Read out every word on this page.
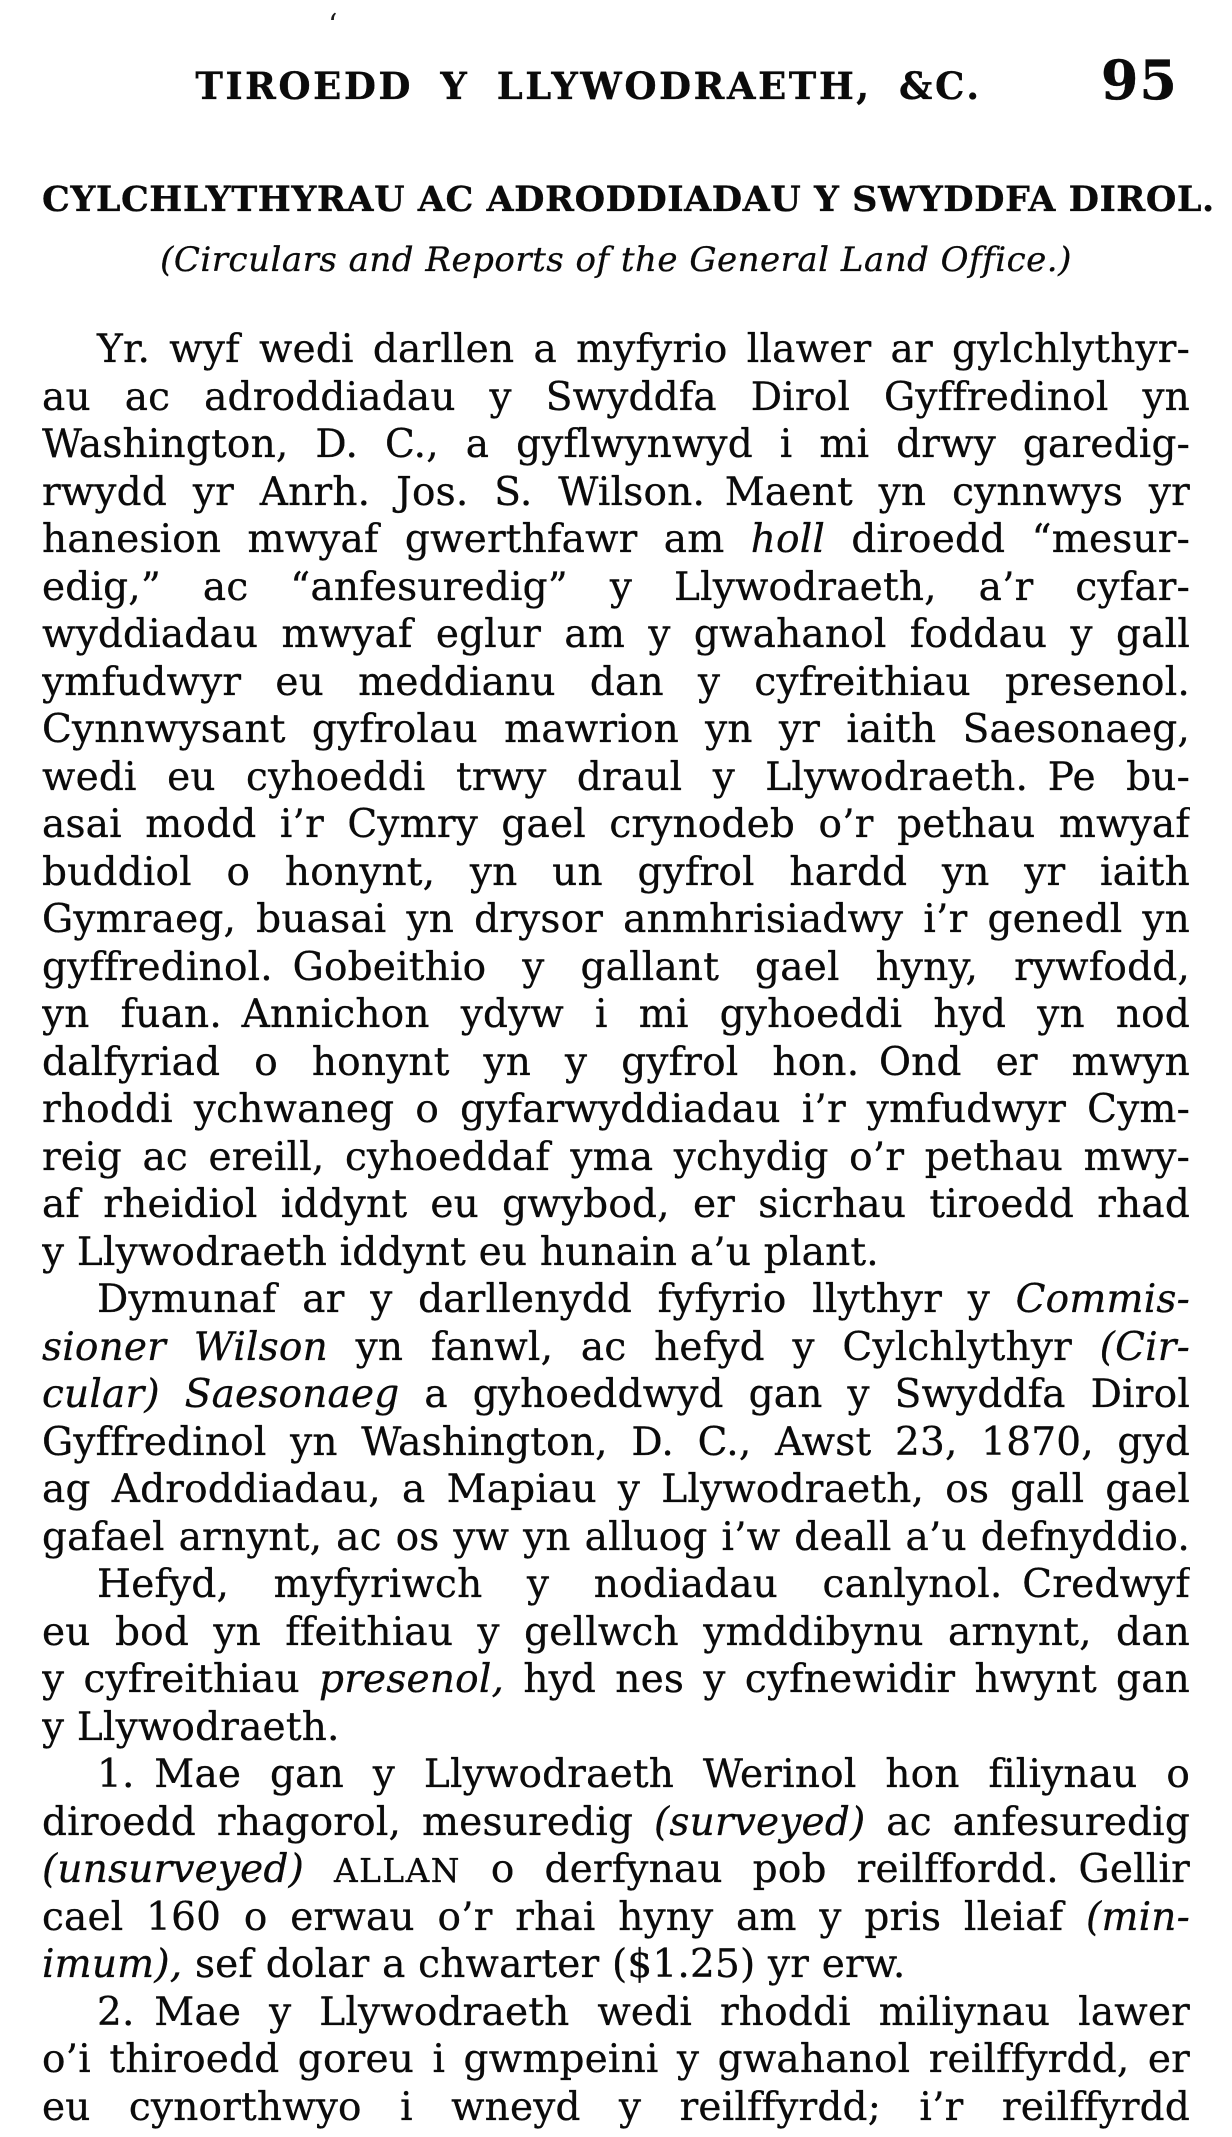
‘
TIROEDD Y LLYWODRAETH, &C. 95
CYLCHLYTHYRAU AC ADRODDIADAU Y SWYDDFA DIROL.
(Circulars and Reports of the General Land Office.)
Yr. wyf wedi darllen a myfyrio llawer ar gylchlythyr-
au ac adroddiadau y Swyddfa Dirol Gyffredinol yn
Washington, D. C., a gyflwynwyd i mi drwy garedig-
rwydd yr Anrh. Jos. S. Wilson. Maent yn cynnwys yr
hanesion mwyaf gwerthfawr am holl diroedd “mesur-
edig,” ac “anfesuredig” y Llywodraeth, a’r cyfar-
wyddiadau mwyaf eglur am y gwahanol foddau y gall
ymfudwyr eu meddianu dan y cyfreithiau presenol.
Cynnwysant gyfrolau mawrion yn yr iaith Saesonaeg,
wedi eu cyhoeddi trwy draul y Llywodraeth. Pe bu-
asai modd i’r Cymry gael crynodeb o’r pethau mwyaf
buddiol o honynt, yn un gyfrol hardd yn yr iaith
Gymraeg, buasai yn drysor anmhrisiadwy i’r genedl yn
gyffredinol. Gobeithio y gallant gael hyny, rywfodd,
yn fuan. Annichon ydyw i mi gyhoeddi hyd yn nod
dalfyriad o honynt yn y gyfrol hon. Ond er mwyn
rhoddi ychwaneg o gyfarwyddiadau i’r ymfudwyr Cym-
reig ac ereill, cyhoeddaf yma ychydig o’r pethau mwy-
af rheidiol iddynt eu gwybod, er sicrhau tiroedd rhad
y Llywodraeth iddynt eu hunain a’u plant.
Dymunaf ar y darllenydd fyfyrio llythyr y Commis-
sioner Wilson yn fanwl, ac hefyd y Cylchlythyr (Cir-
cular) Saesonaeg a gyhoeddwyd gan y Swyddfa Dirol
Gyffredinol yn Washington, D. C., Awst 23, 1870, gyd
ag Adroddiadau, a Mapiau y Llywodraeth, os gall gael
gafael arnynt, ac os yw yn alluog i’w deall a’u defnyddio.
Hefyd, myfyriwch y nodiadau canlynol. Credwyf
eu bod yn ffeithiau y gellwch ymddibynu arnynt, dan
y cyfreithiau presenol, hyd nes y cyfnewidir hwynt gan
y Llywodraeth.
1. Mae gan y Llywodraeth Werinol hon filiynau o
diroedd rhagorol, mesuredig (surveyed) ac anfesuredig
(unsurveyed) ALLAN o derfynau pob reilffordd. Gellir
cael 160 o erwau o’r rhai hyny am y pris lleiaf (min-
imum), sef dolar a chwarter ($1.25) yr erw.
2. Mae y Llywodraeth wedi rhoddi miliynau lawer
o’i thiroedd goreu i gwmpeini y gwahanol reilffyrdd, er
eu cynorthwyo i wneyd y reilffyrdd; i’r reilffyrdd
